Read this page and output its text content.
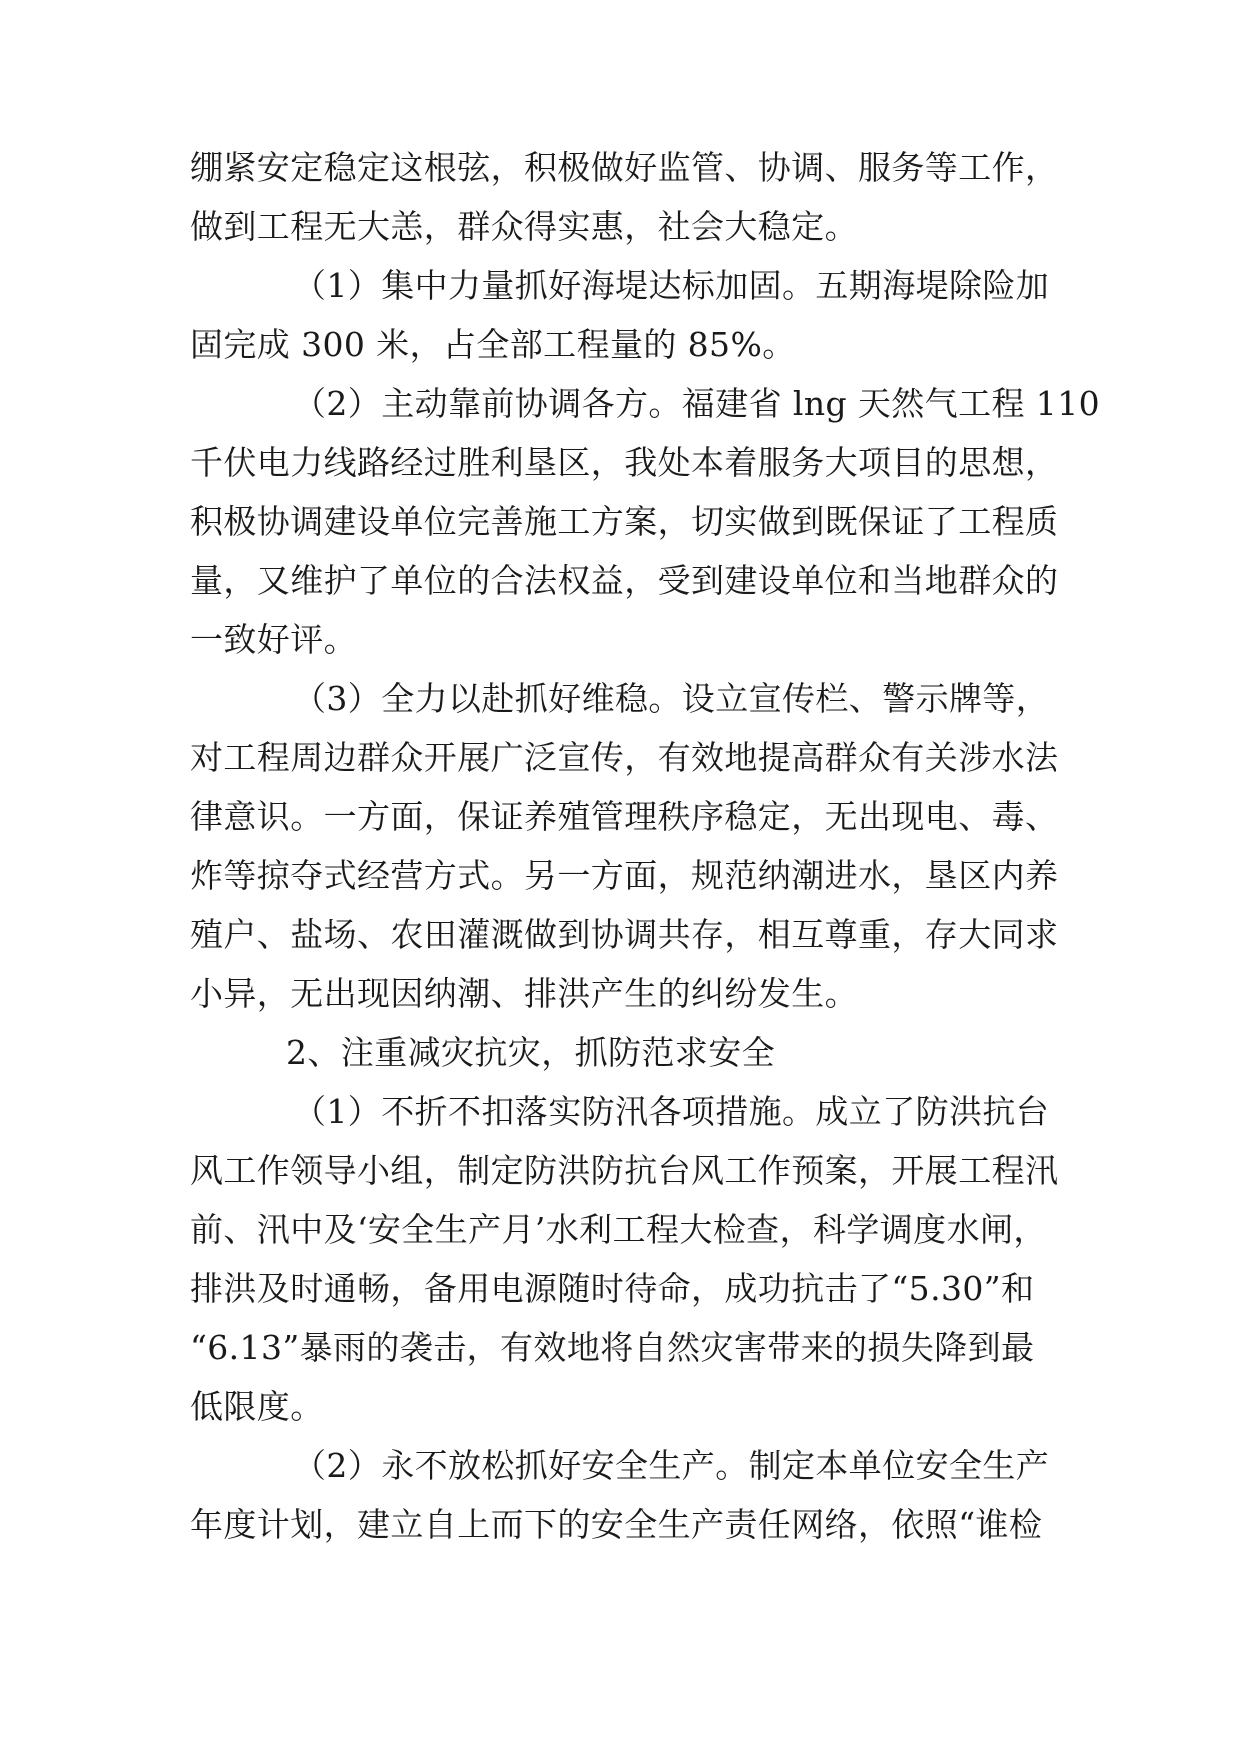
绷紧安定稳定这根弦，积极做好监管、协调、服务等工作，
做到工程无大恙，群众得实惠，社会大稳定。
（1）集中力量抓好海堤达标加固。五期海堤除险加
固完成 300 米，占全部工程量的 85%。
（2）主动靠前协调各方。福建省 lng 天然气工程 110
千伏电力线路经过胜利垦区，我处本着服务大项目的思想，
积极协调建设单位完善施工方案，切实做到既保证了工程质
量，又维护了单位的合法权益，受到建设单位和当地群众的
一致好评。
（3）全力以赴抓好维稳。设立宣传栏、警示牌等，
对工程周边群众开展广泛宣传，有效地提高群众有关涉水法
律意识。一方面，保证养殖管理秩序稳定，无出现电、毒、
炸等掠夺式经营方式。另一方面，规范纳潮进水，垦区内养
殖户、盐场、农田灌溉做到协调共存，相互尊重，存大同求
小异，无出现因纳潮、排洪产生的纠纷发生。
2、注重减灾抗灾，抓防范求安全
（1）不折不扣落实防汛各项措施。成立了防洪抗台
风工作领导小组，制定防洪防抗台风工作预案，开展工程汛
前、汛中及‘安全生产月’水利工程大检查，科学调度水闸，
排洪及时通畅，备用电源随时待命，成功抗击了“5.30”和
“6.13”暴雨的袭击，有效地将自然灾害带来的损失降到最
低限度。
（2）永不放松抓好安全生产。制定本单位安全生产
年度计划，建立自上而下的安全生产责任网络，依照“谁检
